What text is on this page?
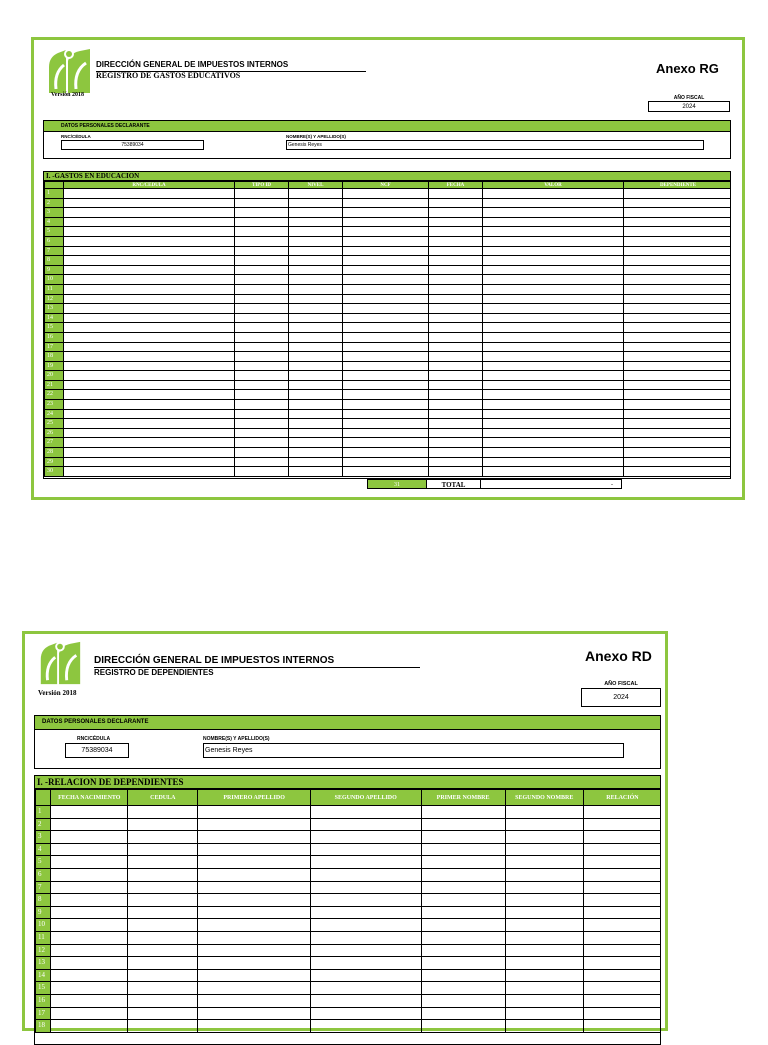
DIRECCIÓN GENERAL DE IMPUESTOS INTERNOS
REGISTRO DE GASTOS EDUCATIVOS
Versión 2018
Anexo RG
AÑO FISCAL
2024
DATOS PERSONALES DECLARANTE
RNC/CÉDULA
75389034
NOMBRE(S) Y APELLIDO(S)
Genesis Reyes
I. -GASTOS EN EDUCACION
	RNC/CEDULA	TIPO ID	NIVEL	NCF	FECHA	VALOR	DEPENDIENTE
1							
2							
3							
4							
5							
6							
7							
8							
9							
10							
11							
12							
13							
14							
15							
16							
17							
18							
19							
20							
21							
22							
23							
24							
25							
26							
27							
28							
29							
30							
31	TOTAL	-
DIRECCIÓN GENERAL DE IMPUESTOS INTERNOS
REGISTRO DE DEPENDIENTES
Versión 2018
Anexo RD
AÑO FISCAL
2024
DATOS PERSONALES DECLARANTE
RNC/CÉDULA
75389034
NOMBRE(S) Y APELLIDO(S)
Genesis Reyes
I. -RELACION DE DEPENDIENTES
	FECHA NACIMIENTO	CEDULA	PRIMERO APELLIDO	SEGUNDO APELLIDO	PRIMER NOMBRE	SEGUNDO NOMBRE	RELACIÓN
1							
2							
3							
4							
5							
6							
7							
8							
9							
10							
11							
12							
13							
14							
15							
16							
17							
18							
